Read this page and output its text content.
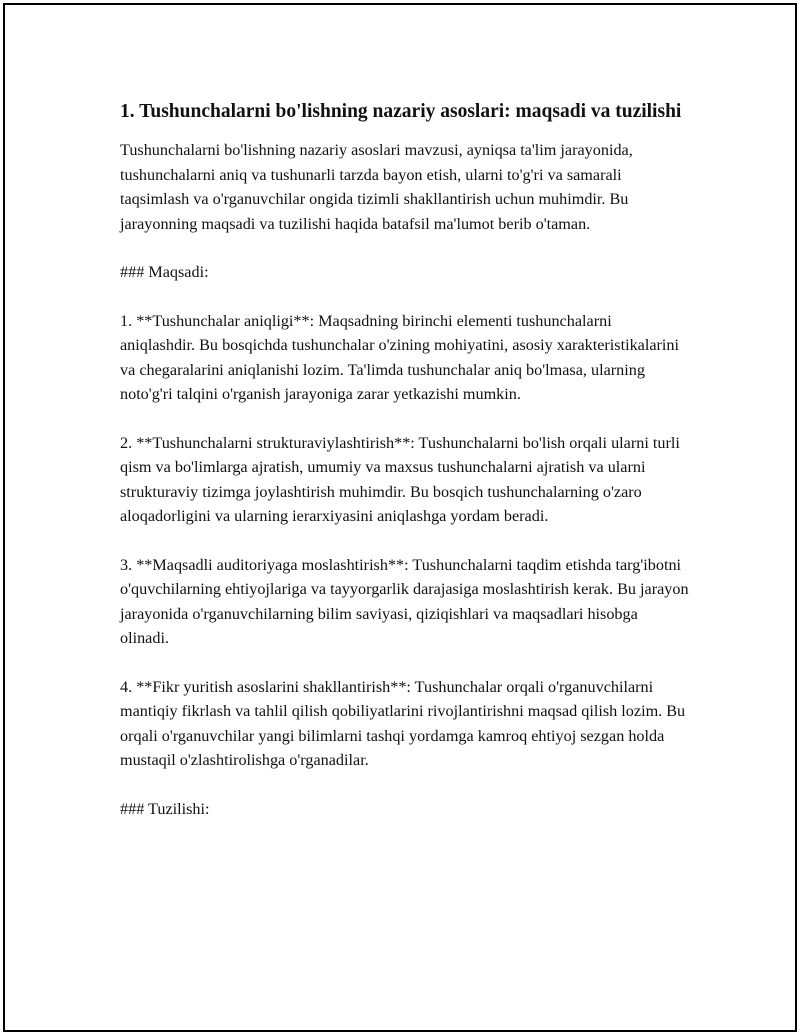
1. Tushunchalarni bo'lishning nazariy asoslari: maqsadi va tuzilishi

Tushunchalarni bo'lishning nazariy asoslari mavzusi, ayniqsa ta'lim jarayonida, tushunchalarni aniq va tushunarli tarzda bayon etish, ularni to'g'ri va samarali taqsimlash va o'rganuvchilar ongida tizimli shakllantirish uchun muhimdir. Bu jarayonning maqsadi va tuzilishi haqida batafsil ma'lumot berib o'taman.

### Maqsadi:

1. **Tushunchalar aniqligi**: Maqsadning birinchi elementi tushunchalarni aniqlashdir. Bu bosqichda tushunchalar o'zining mohiyatini, asosiy xarakteristikalarini va chegaralarini aniqlanishi lozim. Ta'limda tushunchalar aniq bo'lmasa, ularning noto'g'ri talqini o'rganish jarayoniga zarar yetkazishi mumkin.

2. **Tushunchalarni strukturaviylashtirish**: Tushunchalarni bo'lish orqali ularni turli qism va bo'limlarga ajratish, umumiy va maxsus tushunchalarni ajratish va ularni strukturaviy tizimga joylashtirish muhimdir. Bu bosqich tushunchalarning o'zaro aloqadorligini va ularning ierarxiyasini aniqlashga yordam beradi.

3. **Maqsadli auditoriyaga moslashtirish**: Tushunchalarni taqdim etishda targ'ibotni o'quvchilarning ehtiyojlariga va tayyorgarlik darajasiga moslashtirish kerak. Bu jarayon jarayonida o'rganuvchilarning bilim saviyasi, qiziqishlari va maqsadlari hisobga olinadi.

4. **Fikr yuritish asoslarini shakllantirish**: Tushunchalar orqali o'rganuvchilarni mantiqiy fikrlash va tahlil qilish qobiliyatlarini rivojlantirishni maqsad qilish lozim. Bu orqali o'rganuvchilar yangi bilimlarni tashqi yordamga kamroq ehtiyoj sezgan holda mustaqil o'zlashtirolishga o'rganadilar.

### Tuzilishi:
